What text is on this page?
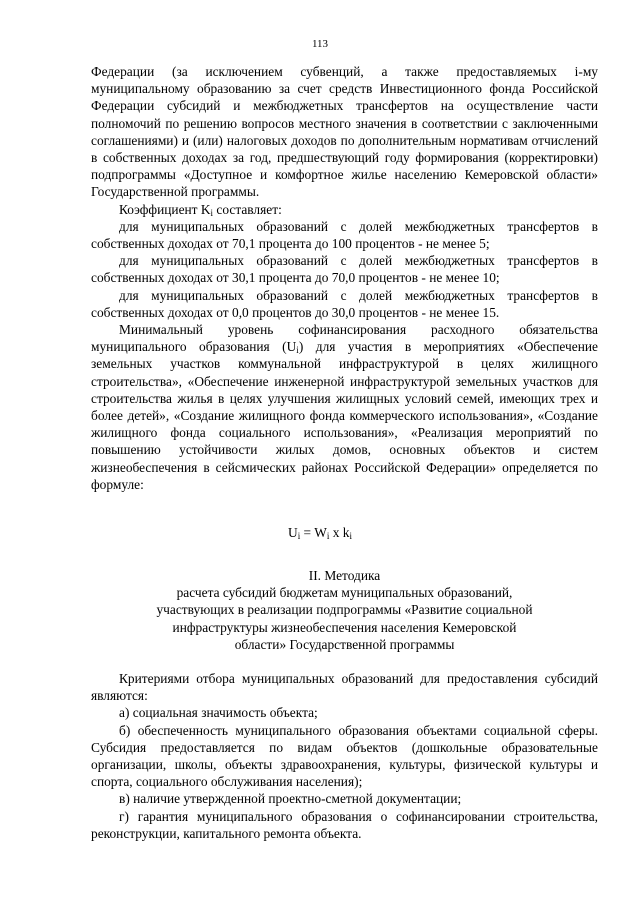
113

Федерации (за исключением субвенций, а также предоставляемых i-му муниципальному образованию за счет средств Инвестиционного фонда Российской Федерации субсидий и межбюджетных трансфертов на осуществление части полномочий по решению вопросов местного значения в соответствии с заключенными соглашениями) и (или) налоговых доходов по дополнительным нормативам отчислений в собственных доходах за год, предшествующий году формирования (корректировки) подпрограммы «Доступное и комфортное жилье населению Кемеровской области» Государственной программы.

Коэффициент $K_i$ составляет:

для муниципальных образований с долей межбюджетных трансфертов в собственных доходах от 70,1 процента до 100 процентов - не менее 5;

для муниципальных образований с долей межбюджетных трансфертов в собственных доходах от 30,1 процента до 70,0 процентов - не менее 10;

для муниципальных образований с долей межбюджетных трансфертов в собственных доходах от 0,0 процентов до 30,0 процентов - не менее 15.

Минимальный уровень софинансирования расходного обязательства муниципального образования $(U_i)$ для участия в мероприятиях «Обеспечение земельных участков коммунальной инфраструктурой в целях жилищного строительства», «Обеспечение инженерной инфраструктурой земельных участков для строительства жилья в целях улучшения жилищных условий семей, имеющих трех и более детей», «Создание жилищного фонда коммерческого использования», «Создание жилищного фонда социального использования», «Реализация мероприятий по повышению устойчивости жилых домов, основных объектов и систем жизнеобеспечения в сейсмических районах Российской Федерации» определяется по формуле:

$U_i = W_i$ x $k_i$
II. Методика
расчета субсидий бюджетам муниципальных образований,
участвующих в реализации подпрограммы «Развитие социальной
инфраструктуры жизнеобеспечения населения Кемеровской
области» Государственной программы

Критериями отбора муниципальных образований для предоставления субсидий являются:

а) социальная значимость объекта;

б) обеспеченность муниципального образования объектами социальной сферы. Субсидия предоставляется по видам объектов (дошкольные образовательные организации, школы, объекты здравоохранения, культуры, физической культуры и спорта, социального обслуживания населения);

в) наличие утвержденной проектно-сметной документации;

г) гарантия муниципального образования о софинансировании строительства, реконструкции, капитального ремонта объекта.
